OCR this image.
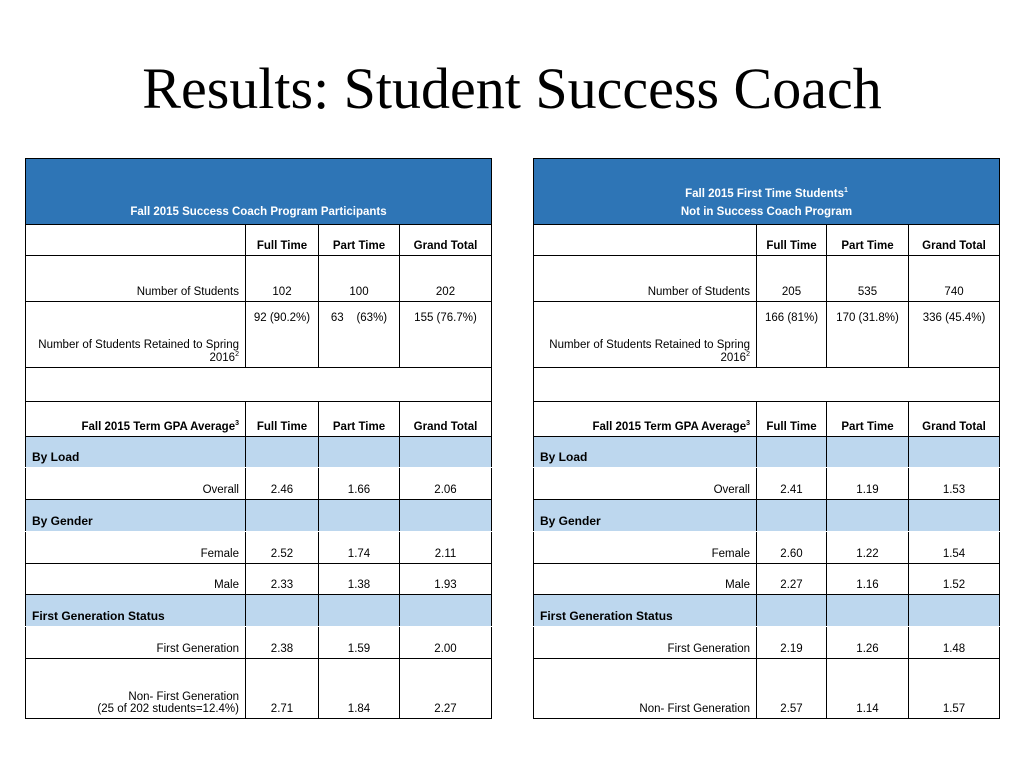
Results: Student Success Coach
Fall 2015 Success Coach Program Participants			
	Full Time	Part Time	Grand Total
Number of Students	102	100	202
Number of Students Retained to Spring 2016$^2$	92 (90.2%)	63    (63%)	155 (76.7%)

Fall 2015 Term GPA Average$^3$	Full Time	Part Time	Grand Total
By Load			
Overall	2.46	1.66	2.06
By Gender			
Female	2.52	1.74	2.11
Male	2.33	1.38	1.93
First Generation Status			
First Generation	2.38	1.59	2.00

Non- First Generation
(25 of 202 students=12.4%)	2.71	1.84	2.27
Fall 2015 First Time Students$^1$
Not in Success Coach Program			

	Full Time	Part Time	Grand Total
Number of Students	205	535	740
Number of Students Retained to Spring 2016$^2$	166 (81%)	170 (31.8%)	336 (45.4%)

Fall 2015 Term GPA Average$^3$	Full Time	Part Time	Grand Total
By Load			
Overall	2.41	1.19	1.53
By Gender			
Female	2.60	1.22	1.54
Male	2.27	1.16	1.52
First Generation Status			
First Generation	2.19	1.26	1.48
Non- First Generation	2.57	1.14	1.57
